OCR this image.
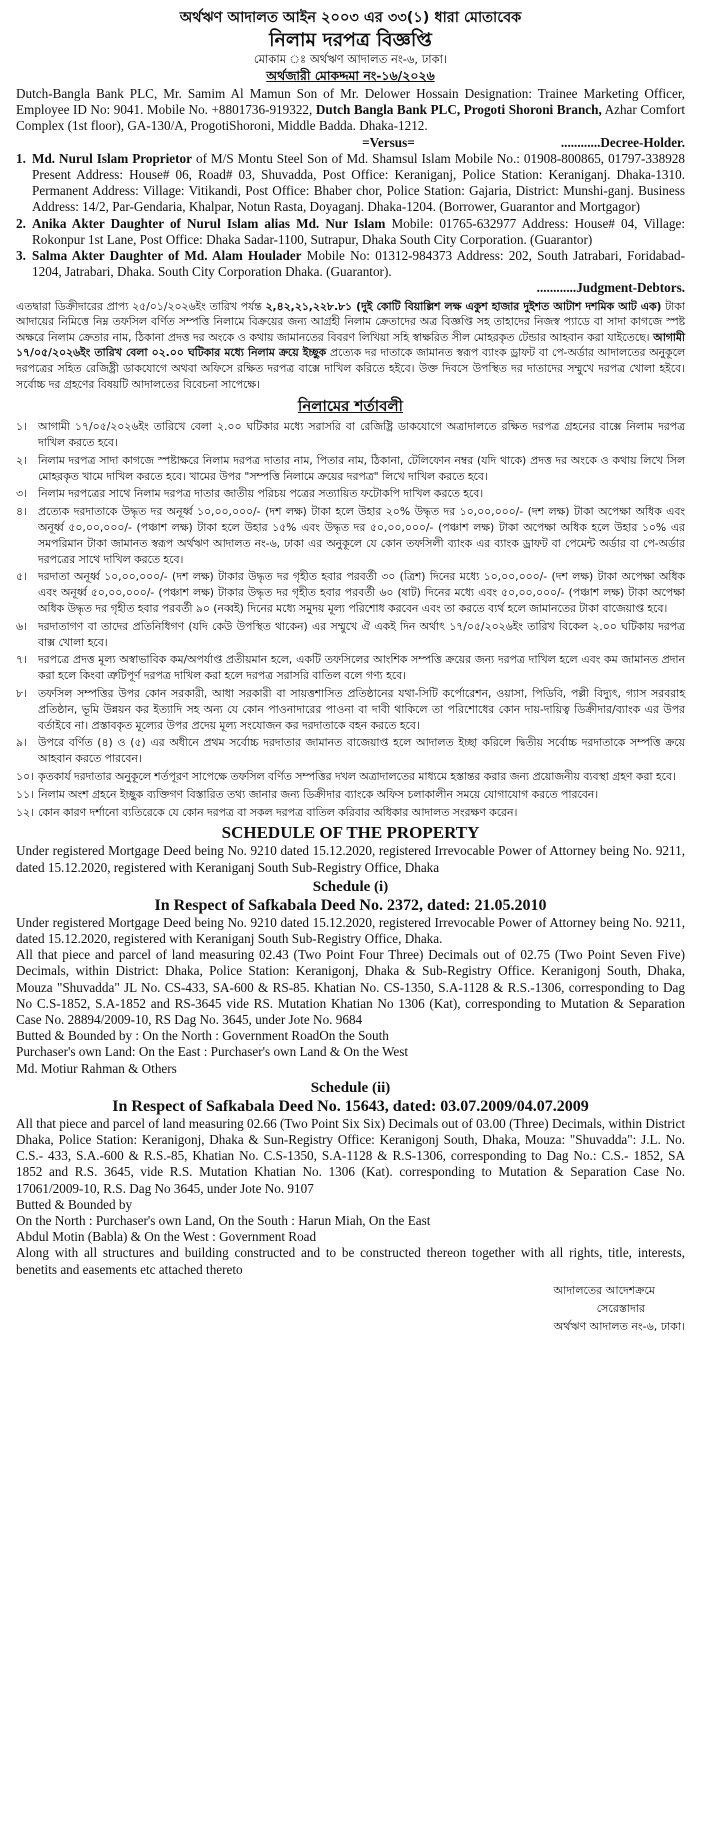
অর্থঋণ আদালত আইন ২০০৩ এর ৩৩(১) ধারা মোতাবেক
নিলাম দরপত্র বিজ্ঞপ্তি
মোকাম ঃ অর্থঋণ আদালত নং-৬, ঢাকা।
অর্থজারী মোকদ্দমা নং-১৬/২০২৬
Dutch-Bangla Bank PLC, Mr. Samim Al Mamun Son of Mr. Delower Hossain Designation: Trainee Marketing Officer, Employee ID No: 9041. Mobile No. +8801736-919322, Dutch Bangla Bank PLC, Progoti Shoroni Branch, Azhar Comfort Complex (1st floor), GA-130/A, ProgotiShoroni, Middle Badda. Dhaka-1212.
=Versus=	............Decree-Holder.
1. Md. Nurul Islam Proprietor of M/S Montu Steel Son of Md. Shamsul Islam Mobile No.: 01908-800865, 01797-338928 Present Address: House# 06, Road# 03, Shuvadda, Post Office: Keraniganj, Police Station: Keraniganj. Dhaka-1310. Permanent Address: Village: Vitikandi, Post Office: Bhaber chor, Police Station: Gajaria, District: Munshi-ganj. Business Address: 14/2, Par-Gendaria, Khalpar, Notun Rasta, Doyaganj. Dhaka-1204. (Borrower, Guarantor and Mortgagor)
2. Anika Akter Daughter of Nurul Islam alias Md. Nur Islam Mobile: 01765-632977 Address: House# 04, Village: Rokonpur 1st Lane, Post Office: Dhaka Sadar-1100, Sutrapur, Dhaka South City Corporation. (Guarantor)
3. Salma Akter Daughter of Md. Alam Houlader Mobile No: 01312-984373 Address: 202, South Jatrabari, Foridabad-1204, Jatrabari, Dhaka. South City Corporation Dhaka. (Guarantor).
............Judgment-Debtors.
এতদ্বারা ডিক্রীদারের প্রাপ্য ২৫/০১/২০২৬ইং তারিখ পর্যন্ত ২,৪২,২১,২২৮.৮১ (দুই কোটি বিয়াল্লিশ লক্ষ একুশ হাজার দুইশত আটাশ দশমিক আট এক) টাকা আদায়ের নিমিত্তে নিম্ন তফসিল বর্ণিত সম্পত্তি নিলামে বিক্রয়ের জন্য আগ্রহী নিলাম ক্রেতাদের অত্র বিজ্ঞপ্তি সহ তাহাদের নিজস্ব প্যাডে বা সাদা কাগজে স্পষ্ট অক্ষরে নিলাম ক্রেতার নাম, ঠিকানা প্রদত্ত দর অংকে ও কথায় জামানতের বিবরণ লিখিয়া সহি স্বাক্ষরিত সীল মোহরকৃত টেন্ডার আহবান করা যাইতেছে। আগামী ১৭/০৫/২০২৬ইং তারিখ বেলা ০২.০০ ঘটিকার মধ্যে নিলাম ক্রয়ে ইচ্ছুক প্রত্যেক দর দাতাকে জামানত স্বরূপ ব্যাংক ড্রাফট বা পে-অর্ডার আদালতের অনুকূলে দরপত্রের সহিত রেজিষ্ট্রী ডাকযোগে অথবা অফিসে রক্ষিত দরপত্র বাক্সে দাখিল করিতে হইবে। উক্ত দিবসে উপস্থিত দর দাতাদের সম্মুখে দরপত্র খোলা হইবে। সর্বোচ্চ দর গ্রহণের বিষয়টি আদালতের বিবেচনা সাপেক্ষে।
নিলামের শর্তাবলী
১।	আগামী ১৭/০৫/২০২৬ইং তারিখে বেলা ২.০০ ঘটিকার মধ্যে সরাসরি বা রেজিষ্ট্রি ডাকযোগে অত্রাদালতে রক্ষিত দরপত্র গ্রহনের বাক্সে নিলাম দরপত্র দাখিল করতে হবে।
২।	নিলাম দরপত্র সাদা কাগজে স্পষ্টাক্ষরে নিলাম দরপত্র দাতার নাম, পিতার নাম, ঠিকানা, টেলিফোন নম্বর (যদি থাকে) প্রদত্ত দর অংকে ও কথায় লিখে সিল মোহরকৃত খামে দাখিল করতে হবে। খামের উপর "সম্পত্তি নিলামে ক্রয়ের দরপত্র" লিখে দাখিল করতে হবে।
৩।	নিলাম দরপত্রের সাথে নিলাম দরপত্র দাতার জাতীয় পরিচয় পত্রের সত্যায়িত ফটোকপি দাখিল করতে হবে।
৪।	প্রত্যেক দরদাতাকে উদ্ধৃত দর অনূর্ধ্ব ১০,০০,০০০/- (দশ লক্ষ) টাকা হলে উহার ২০% উদ্ধৃত দর ১০,০০,০০০/- (দশ লক্ষ) টাকা অপেক্ষা অধিক এবং অনূর্ধ্ব ৫০,০০,০০০/- (পঞ্চাশ লক্ষ) টাকা হলে উহার ১৫% এবং উদ্ধৃত দর ৫০,০০,০০০/- (পঞ্চাশ লক্ষ) টাকা অপেক্ষা অধিক হলে উহার ১০% এর সমপরিমান টাকা জামানত স্বরূপ অর্থঋণ আদালত নং-৬, ঢাকা এর অনুকূলে যে কোন তফসিলী ব্যাংক এর ব্যাংক ড্রাফট বা পেমেন্ট অর্ডার বা পে-অর্ডার দরপত্রের সাথে দাখিল করতে হবে।
৫।	দরদাতা অনূর্ধ্ব ১০,০০,০০০/- (দশ লক্ষ) টাকার উদ্ধৃত দর গৃহীত হবার পরবর্তী ৩০ (ত্রিশ) দিনের মধ্যে ১০,০০,০০০/- (দশ লক্ষ) টাকা অপেক্ষা অধিক এবং অনূর্ধ্ব ৫০,০০,০০০/- (পঞ্চাশ লক্ষ) টাকার উদ্ধৃত দর গৃহীত হবার পরবর্তী ৬০ (ষাট) দিনের মধ্যে এবং ৫০,০০,০০০/- (পঞ্চাশ লক্ষ) টাকা অপেক্ষা অধিক উদ্ধৃত দর গৃহীত হবার পরবর্তী ৯০ (নব্বই) দিনের মধ্যে সমুদয় মূল্য পরিশোধ করবেন এবং তা করতে ব্যর্থ হলে জামানতের টাকা বাজেয়াপ্ত হবে।
৬।	দরদাতাগণ বা তাদের প্রতিনিধিগণ (যদি কেউ উপস্থিত থাকেন) এর সম্মুখে ঐ একই দিন অর্থাৎ ১৭/০৫/২০২৬ইং তারিখ বিকেল ২.০০ ঘটিকায় দরপত্র বাক্স খোলা হবে।
৭।	দরপত্রে প্রদত্ত মূল্য অস্বাভাবিক কম/অপর্যাপ্ত প্রতীয়মান হলে, একটি তফসিলের আংশিক সম্পত্তি ক্রয়ের জন্য দরপত্র দাখিল হলে এবং কম জামানত প্রদান করা হলে কিংবা ত্রুটিপূর্ণ দরপত্র দাখিল করা হলে দরপত্র সরাসরি বাতিল বলে গণ্য হবে।
৮।	তফসিল সম্পত্তির উপর কোন সরকারী, আধা সরকারী বা সায়ত্তশাসিত প্রতিষ্ঠানের যথা-সিটি কর্পোরেশন, ওয়াসা, পিডিবি, পল্লী বিদ্যুৎ, গ্যাস সরবরাহ প্রতিষ্ঠান, ভূমি উন্নয়ন কর ইত্যাদি সহ অন্য যে কোন পাওনাদারের পাওনা বা দাবী থাকিলে তা পরিশোধের কোন দায়-দায়িত্ব ডিক্রীদার/ব্যাংক এর উপর বর্তাইবে না। প্রস্তাবকৃত মূল্যের উপর প্রদেয় মূল্য সংযোজন কর দরদাতাকে বহন করতে হবে।
৯।	উপরে বর্ণিত (৪) ও (৫) এর অধীনে প্রথম সর্বোচ্চ দরদাতার জামানত বাজেয়াপ্ত হলে আদালত ইচ্ছা করিলে দ্বিতীয় সর্বোচ্চ দরদাতাকে সম্পত্তি ক্রয়ে আহবান করতে পারবেন।
১০। কৃতকার্য দরদাতার অনুকূলে শর্তপূরণ সাপেক্ষে তফসিল বর্ণিত সম্পত্তির দখল অত্রাদালতের মাধ্যমে হস্তান্তর করার জন্য প্রয়োজনীয় ব্যবস্থা গ্রহণ করা হবে।
১১। নিলাম অংশ গ্রহনে ইচ্ছুক ব্যক্তিগণ বিস্তারিত তথ্য জানার জন্য ডিক্রীদার ব্যাংকে অফিস চলাকালীন সময়ে যোগাযোগ করতে পারবেন।
১২। কোন কারণ দর্শানো ব্যতিরেকে যে কোন দরপত্র বা সকল দরপত্র বাতিল করিবার অধিকার আদালত সংরক্ষণ করেন।
SCHEDULE OF THE PROPERTY
Under registered Mortgage Deed being No. 9210 dated 15.12.2020, registered Irrevocable Power of Attorney being No. 9211, dated 15.12.2020, registered with Keraniganj South Sub-Registry Office, Dhaka
Schedule (i)
In Respect of Safkabala Deed No. 2372, dated: 21.05.2010
Under registered Mortgage Deed being No. 9210 dated 15.12.2020, registered Irrevocable Power of Attorney being No. 9211, dated 15.12.2020, registered with Keraniganj South Sub-Registry Office, Dhaka.
All that piece and parcel of land measuring 02.43 (Two Point Four Three) Decimals out of 02.75 (Two Point Seven Five) Decimals, within District: Dhaka, Police Station: Keranigonj, Dhaka & Sub-Registry Office. Keranigonj South, Dhaka, Mouza "Shuvadda" JL No. CS-433, SA-600 & RS-85. Khatian No. CS-1350, S.A-1128 & R.S.-1306, corresponding to Dag No C.S-1852, S.A-1852 and RS-3645 vide RS. Mutation Khatian No 1306 (Kat), corresponding to Mutation & Separation Case No. 28894/2009-10, RS Dag No. 3645, under Jote No. 9684
Butted & Bounded by : On the North : Government RoadOn the South
Purchaser's own Land: On the East : Purchaser's own Land & On the West
Md. Motiur Rahman & Others
Schedule (ii)
In Respect of Safkabala Deed No. 15643, dated: 03.07.2009/04.07.2009
All that piece and parcel of land measuring 02.66 (Two Point Six Six) Decimals out of 03.00 (Three) Decimals, within District Dhaka, Police Station: Keranigonj, Dhaka & Sun-Registry Office: Keranigonj South, Dhaka, Mouza: "Shuvadda": J.L. No. C.S.- 433, S.A.-600 & R.S.-85, Khatian No. C.S-1350, S.A-1128 & R.S-1306, corresponding to Dag No.: C.S.- 1852, SA 1852 and R.S. 3645, vide R.S. Mutation Khatian No. 1306 (Kat). corresponding to Mutation & Separation Case No. 17061/2009-10, R.S. Dag No 3645, under Jote No. 9107
Butted & Bounded by
On the North : Purchaser's own Land, On the South : Harun Miah, On the East
Abdul Motin (Babla) & On the West : Government Road
Along with all structures and building constructed and to be constructed thereon together with all rights, title, interests, benetits and easements etc attached thereto
আদালতের আদেশক্রমে
সেরেস্তাদার
অর্থঋণ আদালত নং-৬, ঢাকা।
